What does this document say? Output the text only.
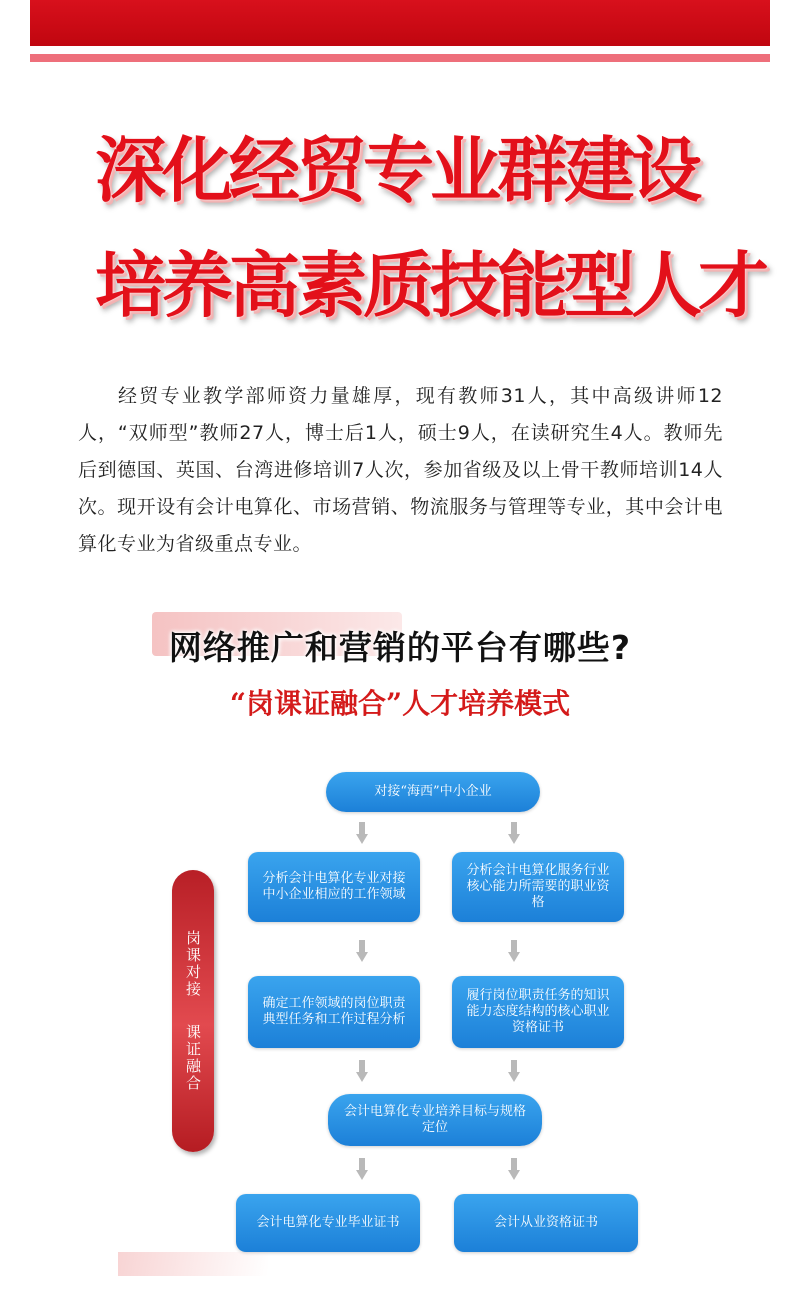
深化经贸专业群建设
培养高素质技能型人才

经贸专业教学部师资力量雄厚，现有教师31人，其中高级讲师12人，“双师型”教师27人，博士后1人，硕士9人，在读研究生4人。教师先后到德国、英国、台湾进修培训7人次，参加省级及以上骨干教师培训14人次。现开设有会计电算化、市场营销、物流服务与管理等专业，其中会计电算化专业为省级重点专业。

网络推广和营销的平台有哪些?
“岗课证融合”人才培养模式
岗课对接
课证融合
对接“海西”中小企业
分析会计电算化专业对接中小企业相应的工作领域
分析会计电算化服务行业核心能力所需要的职业资格
确定工作领域的岗位职责典型任务和工作过程分析
履行岗位职责任务的知识能力态度结构的核心职业资格证书
会计电算化专业培养目标与规格定位
会计电算化专业毕业证书	会计从业资格证书
